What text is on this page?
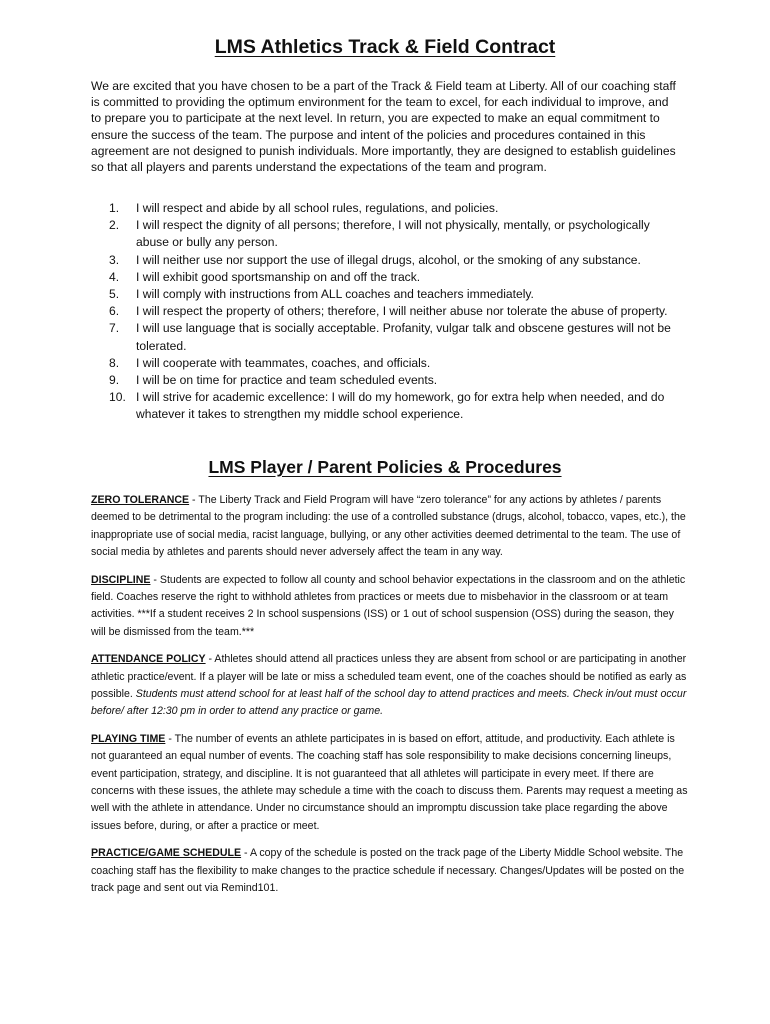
LMS Athletics Track & Field Contract

We are excited that you have chosen to be a part of the Track & Field team at Liberty. All of our coaching staff is committed to providing the optimum environment for the team to excel, for each individual to improve, and to prepare you to participate at the next level. In return, you are expected to make an equal commitment to ensure the success of the team. The purpose and intent of the policies and procedures contained in this agreement are not designed to punish individuals. More importantly, they are designed to establish guidelines so that all players and parents understand the expectations of the team and program.

1.	I will respect and abide by all school rules, regulations, and policies.
2.	I will respect the dignity of all persons; therefore, I will not physically, mentally, or psychologically abuse or bully any person.
3.	I will neither use nor support the use of illegal drugs, alcohol, or the smoking of any substance.
4.	I will exhibit good sportsmanship on and off the track.
5.	I will comply with instructions from ALL coaches and teachers immediately.
6.	I will respect the property of others; therefore, I will neither abuse nor tolerate the abuse of property.
7.	I will use language that is socially acceptable. Profanity, vulgar talk and obscene gestures will not be tolerated.
8.	I will cooperate with teammates, coaches, and officials.
9.	I will be on time for practice and team scheduled events.
10. I will strive for academic excellence: I will do my homework, go for extra help when needed, and do whatever it takes to strengthen my middle school experience.
LMS Player / Parent Policies & Procedures

ZERO TOLERANCE - The Liberty Track and Field Program will have “zero tolerance” for any actions by athletes / parents deemed to be detrimental to the program including: the use of a controlled substance (drugs, alcohol, tobacco, vapes, etc.), the inappropriate use of social media, racist language, bullying, or any other activities deemed detrimental to the team. The use of social media by athletes and parents should never adversely affect the team in any way.

DISCIPLINE - Students are expected to follow all county and school behavior expectations in the classroom and on the athletic field. Coaches reserve the right to withhold athletes from practices or meets due to misbehavior in the classroom or at team activities. ***If a student receives 2 In school suspensions (ISS) or 1 out of school suspension (OSS) during the season, they will be dismissed from the team.***

ATTENDANCE POLICY - Athletes should attend all practices unless they are absent from school or are participating in another athletic practice/event. If a player will be late or miss a scheduled team event, one of the coaches should be notified as early as possible. Students must attend school for at least half of the school day to attend practices and meets. Check in/out must occur before/ after 12:30 pm in order to attend any practice or game.

PLAYING TIME - The number of events an athlete participates in is based on effort, attitude, and productivity. Each athlete is not guaranteed an equal number of events. The coaching staff has sole responsibility to make decisions concerning lineups, event participation, strategy, and discipline. It is not guaranteed that all athletes will participate in every meet. If there are concerns with these issues, the athlete may schedule a time with the coach to discuss them. Parents may request a meeting as well with the athlete in attendance. Under no circumstance should an impromptu discussion take place regarding the above issues before, during, or after a practice or meet.

PRACTICE/GAME SCHEDULE - A copy of the schedule is posted on the track page of the Liberty Middle School website. The coaching staff has the flexibility to make changes to the practice schedule if necessary. Changes/Updates will be posted on the track page and sent out via Remind101.
